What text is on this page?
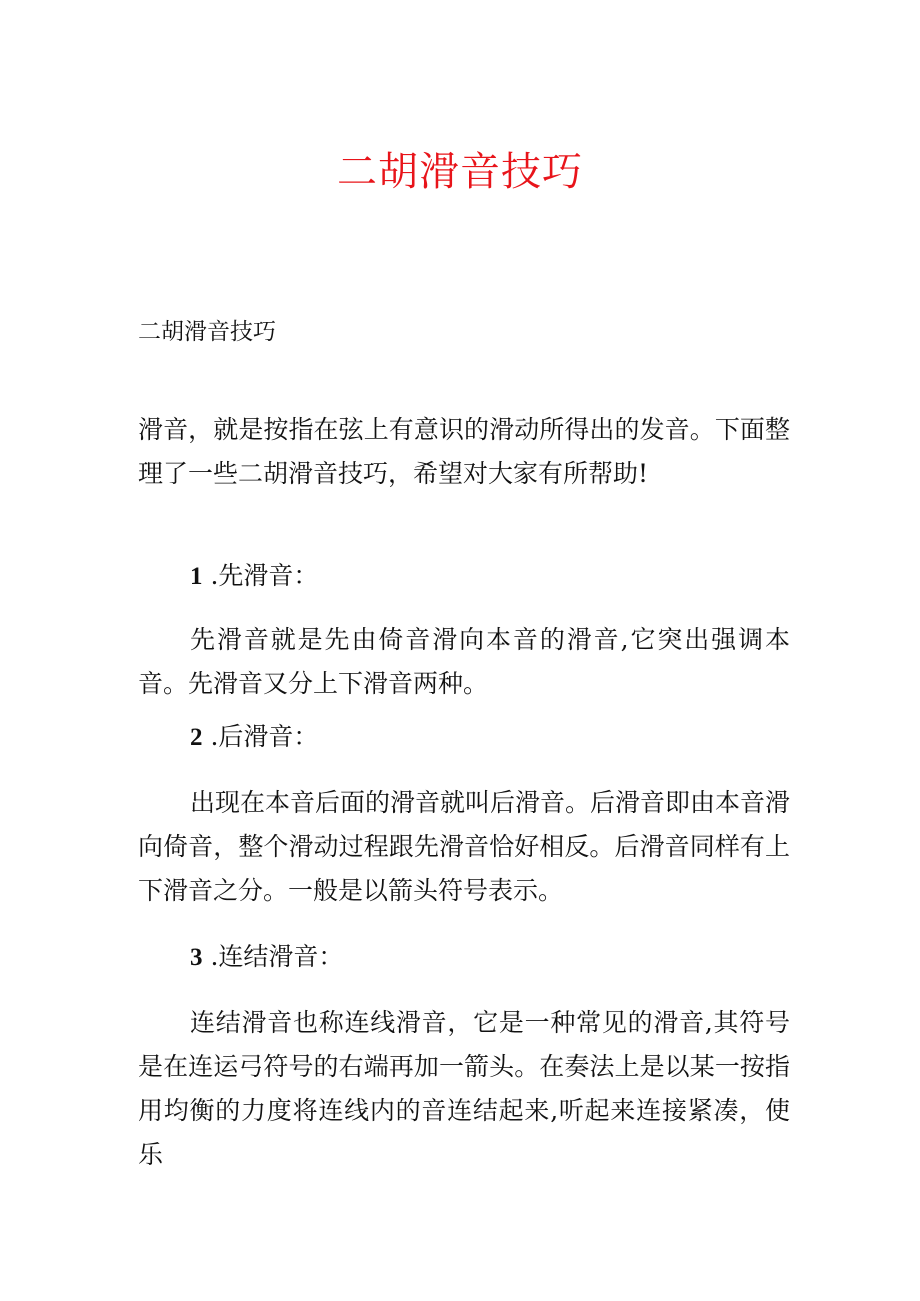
二胡滑音技巧
二胡滑音技巧
滑音，就是按指在弦上有意识的滑动所得出的发音。下面整理了一些二胡滑音技巧，希望对大家有所帮助!
1 .先滑音：
先滑音就是先由倚音滑向本音的滑音,它突出强调本音。先滑音又分上下滑音两种。
2 .后滑音：
出现在本音后面的滑音就叫后滑音。后滑音即由本音滑向倚音，整个滑动过程跟先滑音恰好相反。后滑音同样有上下滑音之分。一般是以箭头符号表示。
3 .连结滑音：
连结滑音也称连线滑音，它是一种常见的滑音,其符号是在连运弓符号的右端再加一箭头。在奏法上是以某一按指用均衡的力度将连线内的音连结起来,听起来连接紧凑，使乐
